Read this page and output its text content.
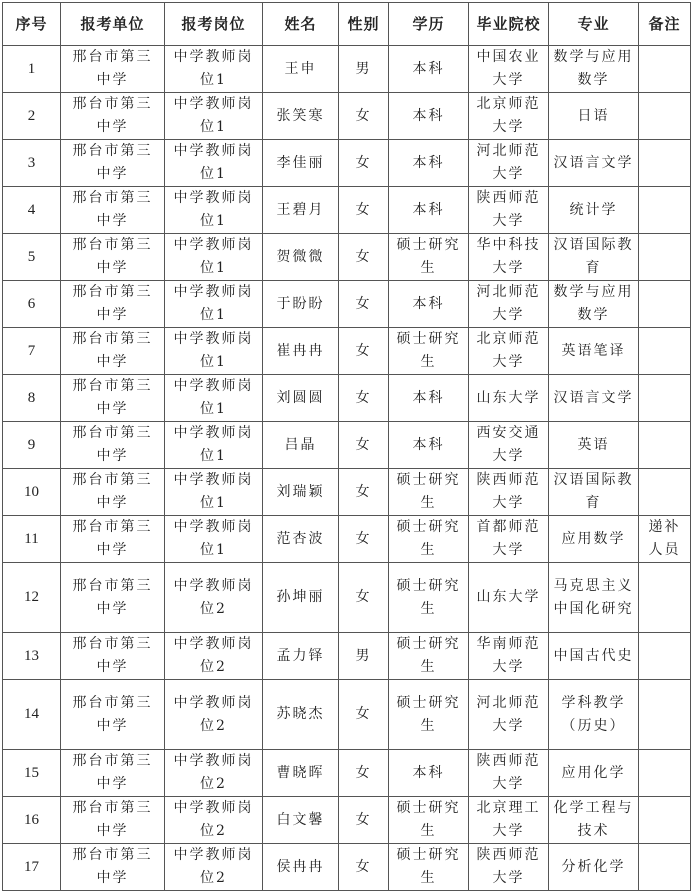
序号	报考单位	报考岗位	姓名	性别	学历	毕业院校	专业	备注
1	邢台市第三中学	中学教师岗位1	王申	男	本科	中国农业大学	数学与应用数学	
2	邢台市第三中学	中学教师岗位1	张笑寒	女	本科	北京师范大学	日语	
3	邢台市第三中学	中学教师岗位1	李佳丽	女	本科	河北师范大学	汉语言文学	
4	邢台市第三中学	中学教师岗位1	王碧月	女	本科	陕西师范大学	统计学	
5	邢台市第三中学	中学教师岗位1	贺微微	女	硕士研究生	华中科技大学	汉语国际教育	
6	邢台市第三中学	中学教师岗位1	于盼盼	女	本科	河北师范大学	数学与应用数学	
7	邢台市第三中学	中学教师岗位1	崔冉冉	女	硕士研究生	北京师范大学	英语笔译	
8	邢台市第三中学	中学教师岗位1	刘圆圆	女	本科	山东大学	汉语言文学	
9	邢台市第三中学	中学教师岗位1	吕晶	女	本科	西安交通大学	英语	
10	邢台市第三中学	中学教师岗位1	刘瑞颖	女	硕士研究生	陕西师范大学	汉语国际教育	
11	邢台市第三中学	中学教师岗位1	范杏波	女	硕士研究生	首都师范大学	应用数学	递补人员
12	邢台市第三中学	中学教师岗位2	孙坤丽	女	硕士研究生	山东大学	马克思主义中国化研究	
13	邢台市第三中学	中学教师岗位2	孟力铎	男	硕士研究生	华南师范大学	中国古代史	
14	邢台市第三中学	中学教师岗位2	苏晓杰	女	硕士研究生	河北师范大学	学科教学（历史）	
15	邢台市第三中学	中学教师岗位2	曹晓晖	女	本科	陕西师范大学	应用化学	
16	邢台市第三中学	中学教师岗位2	白文馨	女	硕士研究生	北京理工大学	化学工程与技术	
17	邢台市第三中学	中学教师岗位2	侯冉冉	女	硕士研究生	陕西师范大学	分析化学	
